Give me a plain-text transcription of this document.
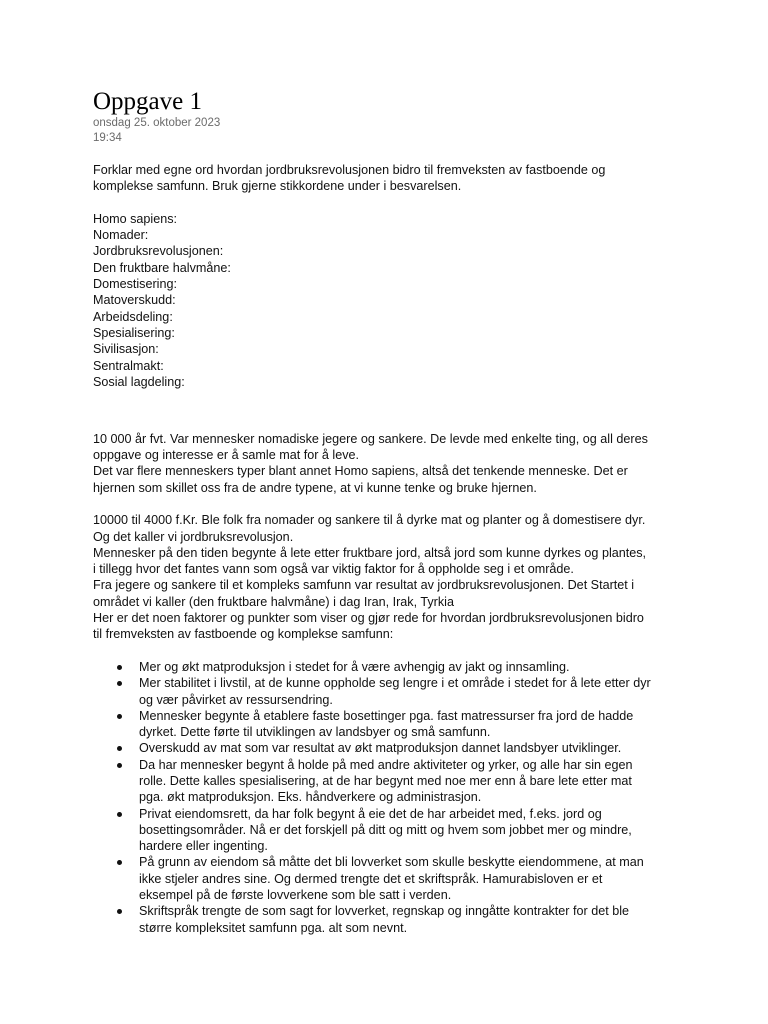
Oppgave 1
onsdag 25. oktober 2023
19:34
Forklar med egne ord hvordan jordbruksrevolusjonen bidro til fremveksten av fastboende og
komplekse samfunn. Bruk gjerne stikkordene under i besvarelsen.
Homo sapiens:
Nomader:
Jordbruksrevolusjonen:
Den fruktbare halvmåne:
Domestisering:
Matoverskudd:
Arbeidsdeling:
Spesialisering:
Sivilisasjon:
Sentralmakt:
Sosial lagdeling:
10 000 år fvt. Var mennesker nomadiske jegere og sankere. De levde med enkelte ting, og all deres
oppgave og interesse er å samle mat for å leve.
Det var flere menneskers typer blant annet Homo sapiens, altså det tenkende menneske. Det er
hjernen som skillet oss fra de andre typene, at vi kunne tenke og bruke hjernen.
10000 til 4000 f.Kr. Ble folk fra nomader og sankere til å dyrke mat og planter og å domestisere dyr.
Og det kaller vi jordbruksrevolusjon.
Mennesker på den tiden begynte å lete etter fruktbare jord, altså jord som kunne dyrkes og plantes,
i tillegg hvor det fantes vann som også var viktig faktor for å oppholde seg i et område.
Fra jegere og sankere til et kompleks samfunn var resultat av jordbruksrevolusjonen. Det Startet i
området vi kaller (den fruktbare halvmåne) i dag Iran, Irak, Tyrkia
Her er det noen faktorer og punkter som viser og gjør rede for hvordan jordbruksrevolusjonen bidro
til fremveksten av fastboende og komplekse samfunn:
Mer og økt matproduksjon i stedet for å være avhengig av jakt og innsamling.
Mer stabilitet i livstil, at de kunne oppholde seg lengre i et område i stedet for å lete etter dyr
og vær påvirket av ressursendring.
Mennesker begynte å etablere faste bosettinger pga. fast matressurser fra jord de hadde
dyrket. Dette førte til utviklingen av landsbyer og små samfunn.
Overskudd av mat som var resultat av økt matproduksjon dannet landsbyer utviklinger.
Da har mennesker begynt å holde på med andre aktiviteter og yrker, og alle har sin egen
rolle. Dette kalles spesialisering, at de har begynt med noe mer enn å bare lete etter mat
pga. økt matproduksjon. Eks. håndverkere og administrasjon.
Privat eiendomsrett, da har folk begynt å eie det de har arbeidet med, f.eks. jord og
bosettingsområder. Nå er det forskjell på ditt og mitt og hvem som jobbet mer og mindre,
hardere eller ingenting.
På grunn av eiendom så måtte det bli lovverket som skulle beskytte eiendommene, at man
ikke stjeler andres sine. Og dermed trengte det et skriftspråk. Hamurabisloven er et
eksempel på de første lovverkene som ble satt i verden.
Skriftspråk trengte de som sagt for lovverket, regnskap og inngåtte kontrakter for det ble
større kompleksitet samfunn pga. alt som nevnt.
